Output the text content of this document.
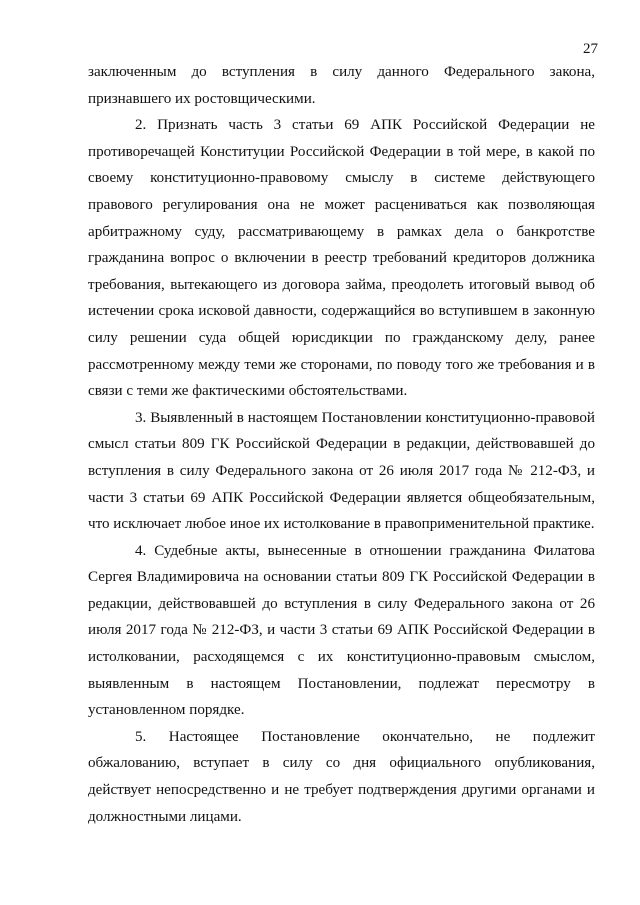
27

заключенным до вступления в силу данного Федерального закона, признавшего их ростовщическими.

2. Признать часть 3 статьи 69 АПК Российской Федерации не противоречащей Конституции Российской Федерации в той мере, в какой по своему конституционно-правовому смыслу в системе действующего правового регулирования она не может расцениваться как позволяющая арбитражному суду, рассматривающему в рамках дела о банкротстве гражданина вопрос о включении в реестр требований кредиторов должника требования, вытекающего из договора займа, преодолеть итоговый вывод об истечении срока исковой давности, содержащийся во вступившем в законную силу решении суда общей юрисдикции по гражданскому делу, ранее рассмотренному между теми же сторонами, по поводу того же требования и в связи с теми же фактическими обстоятельствами.

3. Выявленный в настоящем Постановлении конституционно-правовой смысл статьи 809 ГК Российской Федерации в редакции, действовавшей до вступления в силу Федерального закона от 26 июля 2017 года № 212-ФЗ, и части 3 статьи 69 АПК Российской Федерации является общеобязательным, что исключает любое иное их истолкование в правоприменительной практике.

4. Судебные акты, вынесенные в отношении гражданина Филатова Сергея Владимировича на основании статьи 809 ГК Российской Федерации в редакции, действовавшей до вступления в силу Федерального закона от 26 июля 2017 года № 212-ФЗ, и части 3 статьи 69 АПК Российской Федерации в истолковании, расходящемся с их конституционно-правовым смыслом, выявленным в настоящем Постановлении, подлежат пересмотру в установленном порядке.

5. Настоящее Постановление окончательно, не подлежит обжалованию, вступает в силу со дня официального опубликования, действует непосредственно и не требует подтверждения другими органами и должностными лицами.
